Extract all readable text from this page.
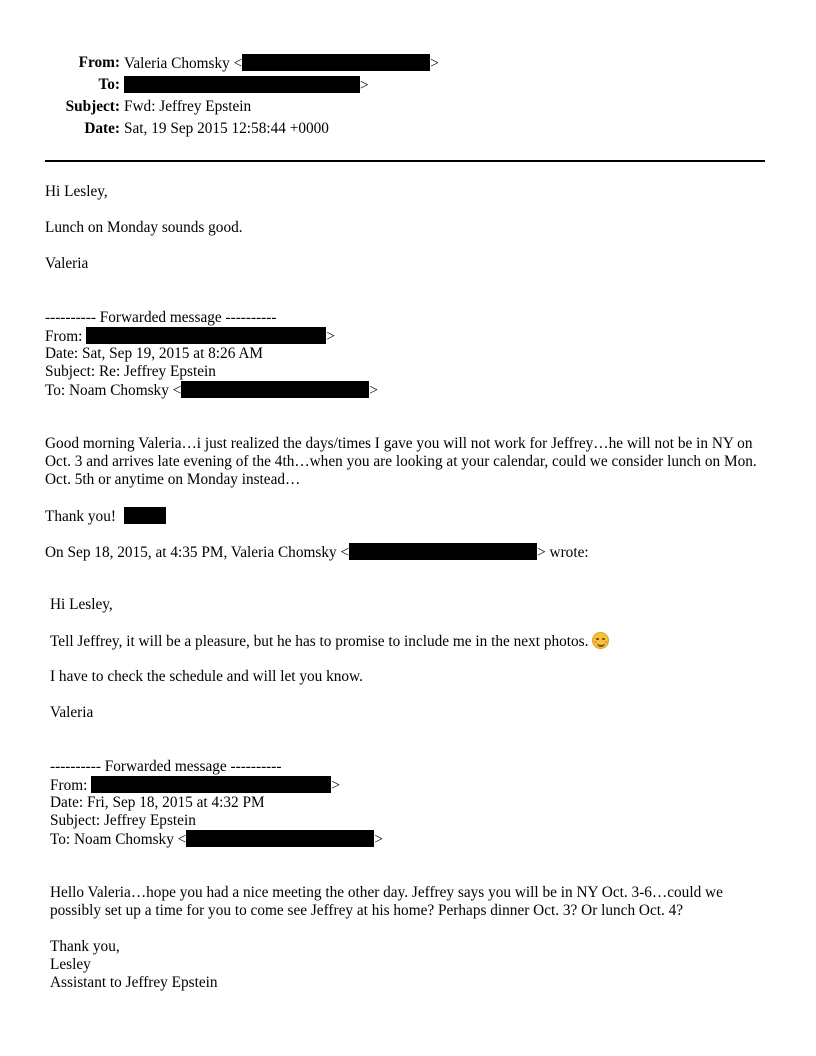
From: Valeria Chomsky <	>
To:	>
Subject: Fwd: Jeffrey Epstein
Date: Sat, 19 Sep 2015 12:58:44 +0000
Hi Lesley,
Lunch on Monday sounds good.
Valeria
---------- Forwarded message ----------
From:	>
Date: Sat, Sep 19, 2015 at 8:26 AM
Subject: Re: Jeffrey Epstein
To: Noam Chomsky <	>
Good morning Valeria…i just realized the days/times I gave you will not work for Jeffrey…he will not be in NY on Oct. 3 and arrives late evening of the 4th…when you are looking at your calendar, could we consider lunch on Mon. Oct. 5th or anytime on Monday instead…
Thank you!
On Sep 18, 2015, at 4:35 PM, Valeria Chomsky <	> wrote:
Hi Lesley,
Tell Jeffrey, it will be a pleasure, but he has to promise to include me in the next photos.
I have to check the schedule and will let you know.
Valeria
---------- Forwarded message ----------
From:	>
Date: Fri, Sep 18, 2015 at 4:32 PM
Subject: Jeffrey Epstein
To: Noam Chomsky <	>
Hello Valeria…hope you had a nice meeting the other day. Jeffrey says you will be in NY Oct. 3-6…could we possibly set up a time for you to come see Jeffrey at his home? Perhaps dinner Oct. 3? Or lunch Oct. 4?
Thank you,
Lesley
Assistant to Jeffrey Epstein
